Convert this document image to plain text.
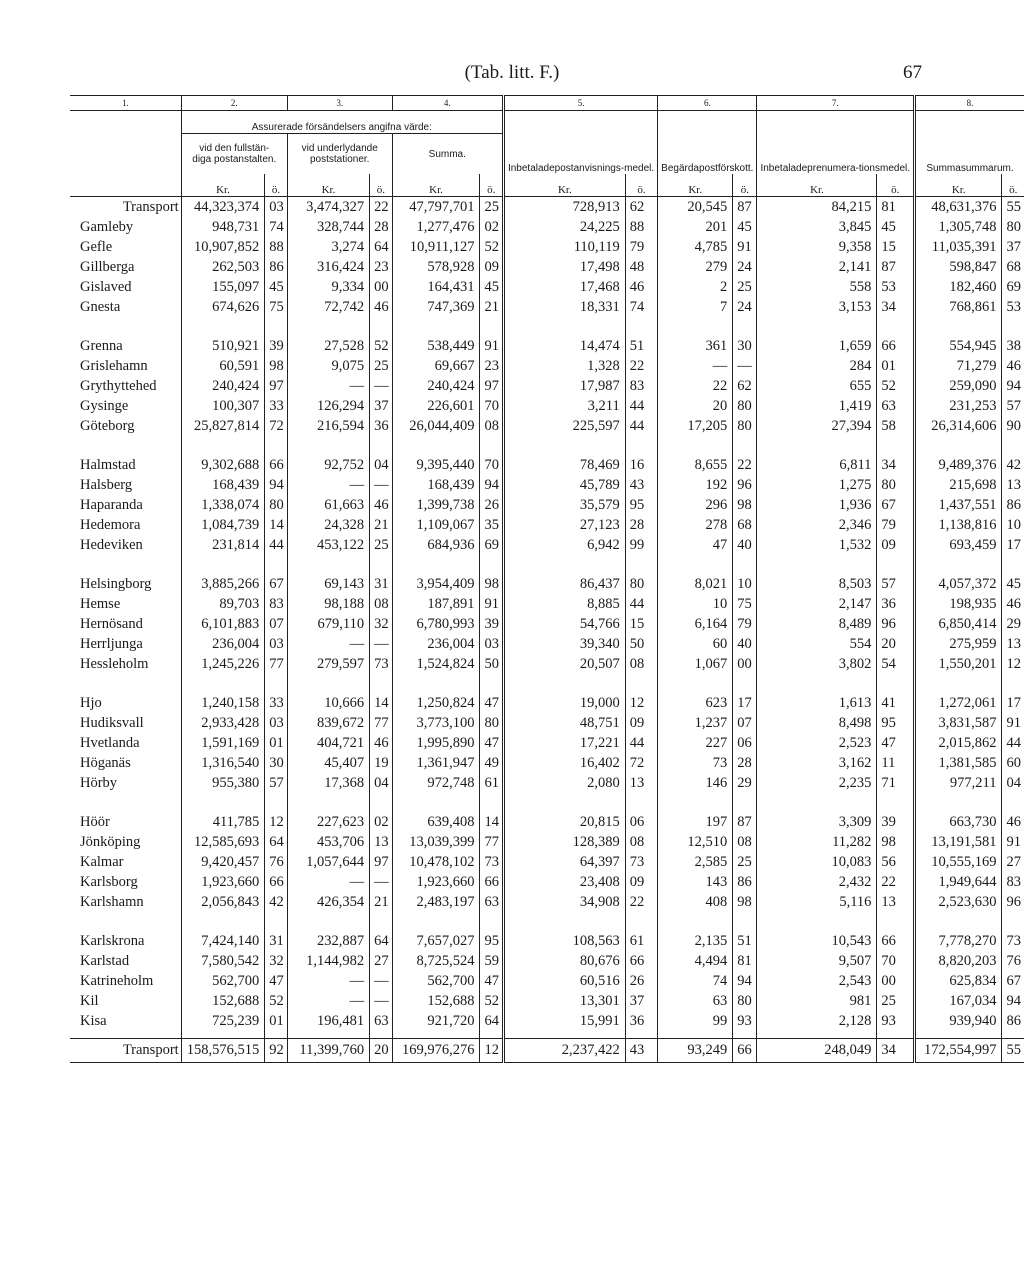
(Tab. litt. F.)	67
1.	2.		3.		4.		5.		6.		7.		8.	
	Assurerade försändelsers angifna värde:						Inbetaladepostanvisnings-medel.		Begärdapostförskott.		Inbetaladeprenumera-tionsmedel.		Summasummarum.	

	vid den fullstän-
diga postanstalten.		vid underlydande
poststationer.		Summa.									

	Kr.	ö.	Kr.	ö.	Kr.	ö.	Kr.	ö.	Kr.	ö.	Kr.	ö.	Kr.	ö.
Transport	44,323,374	03	3,474,327	22	47,797,701	25	728,913	62	20,545	87	84,215	81	48,631,376	55
Gamleby	948,731	74	328,744	28	1,277,476	02	24,225	88	201	45	3,845	45	1,305,748	80
Gefle	10,907,852	88	3,274	64	10,911,127	52	110,119	79	4,785	91	9,358	15	11,035,391	37
Gillberga	262,503	86	316,424	23	578,928	09	17,498	48	279	24	2,141	87	598,847	68
Gislaved	155,097	45	9,334	00	164,431	45	17,468	46	2	25	558	53	182,460	69
Gnesta	674,626	75	72,742	46	747,369	21	18,331	74	7	24	3,153	34	768,861	53

Grenna	510,921	39	27,528	52	538,449	91	14,474	51	361	30	1,659	66	554,945	38
Grislehamn	60,591	98	9,075	25	69,667	23	1,328	22	—	—	284	01	71,279	46
Grythyttehed	240,424	97	—	—	240,424	97	17,987	83	22	62	655	52	259,090	94
Gysinge	100,307	33	126,294	37	226,601	70	3,211	44	20	80	1,419	63	231,253	57
Göteborg	25,827,814	72	216,594	36	26,044,409	08	225,597	44	17,205	80	27,394	58	26,314,606	90

Halmstad	9,302,688	66	92,752	04	9,395,440	70	78,469	16	8,655	22	6,811	34	9,489,376	42
Halsberg	168,439	94	—	—	168,439	94	45,789	43	192	96	1,275	80	215,698	13
Haparanda	1,338,074	80	61,663	46	1,399,738	26	35,579	95	296	98	1,936	67	1,437,551	86
Hedemora	1,084,739	14	24,328	21	1,109,067	35	27,123	28	278	68	2,346	79	1,138,816	10
Hedeviken	231,814	44	453,122	25	684,936	69	6,942	99	47	40	1,532	09	693,459	17

Helsingborg	3,885,266	67	69,143	31	3,954,409	98	86,437	80	8,021	10	8,503	57	4,057,372	45
Hemse	89,703	83	98,188	08	187,891	91	8,885	44	10	75	2,147	36	198,935	46
Hernösand	6,101,883	07	679,110	32	6,780,993	39	54,766	15	6,164	79	8,489	96	6,850,414	29
Herrljunga	236,004	03	—	—	236,004	03	39,340	50	60	40	554	20	275,959	13
Hessleholm	1,245,226	77	279,597	73	1,524,824	50	20,507	08	1,067	00	3,802	54	1,550,201	12

Hjo	1,240,158	33	10,666	14	1,250,824	47	19,000	12	623	17	1,613	41	1,272,061	17
Hudiksvall	2,933,428	03	839,672	77	3,773,100	80	48,751	09	1,237	07	8,498	95	3,831,587	91
Hvetlanda	1,591,169	01	404,721	46	1,995,890	47	17,221	44	227	06	2,523	47	2,015,862	44
Höganäs	1,316,540	30	45,407	19	1,361,947	49	16,402	72	73	28	3,162	11	1,381,585	60
Hörby	955,380	57	17,368	04	972,748	61	2,080	13	146	29	2,235	71	977,211	04

Höör	411,785	12	227,623	02	639,408	14	20,815	06	197	87	3,309	39	663,730	46
Jönköping	12,585,693	64	453,706	13	13,039,399	77	128,389	08	12,510	08	11,282	98	13,191,581	91
Kalmar	9,420,457	76	1,057,644	97	10,478,102	73	64,397	73	2,585	25	10,083	56	10,555,169	27
Karlsborg	1,923,660	66	—	—	1,923,660	66	23,408	09	143	86	2,432	22	1,949,644	83
Karlshamn	2,056,843	42	426,354	21	2,483,197	63	34,908	22	408	98	5,116	13	2,523,630	96

Karlskrona	7,424,140	31	232,887	64	7,657,027	95	108,563	61	2,135	51	10,543	66	7,778,270	73
Karlstad	7,580,542	32	1,144,982	27	8,725,524	59	80,676	66	4,494	81	9,507	70	8,820,203	76
Katrineholm	562,700	47	—	—	562,700	47	60,516	26	74	94	2,543	00	625,834	67
Kil	152,688	52	—	—	152,688	52	13,301	37	63	80	981	25	167,034	94
Kisa	725,239	01	196,481	63	921,720	64	15,991	36	99	93	2,128	93	939,940	86

Transport	158,576,515	92	11,399,760	20	169,976,276	12	2,237,422	43	93,249	66	248,049	34	172,554,997	55
